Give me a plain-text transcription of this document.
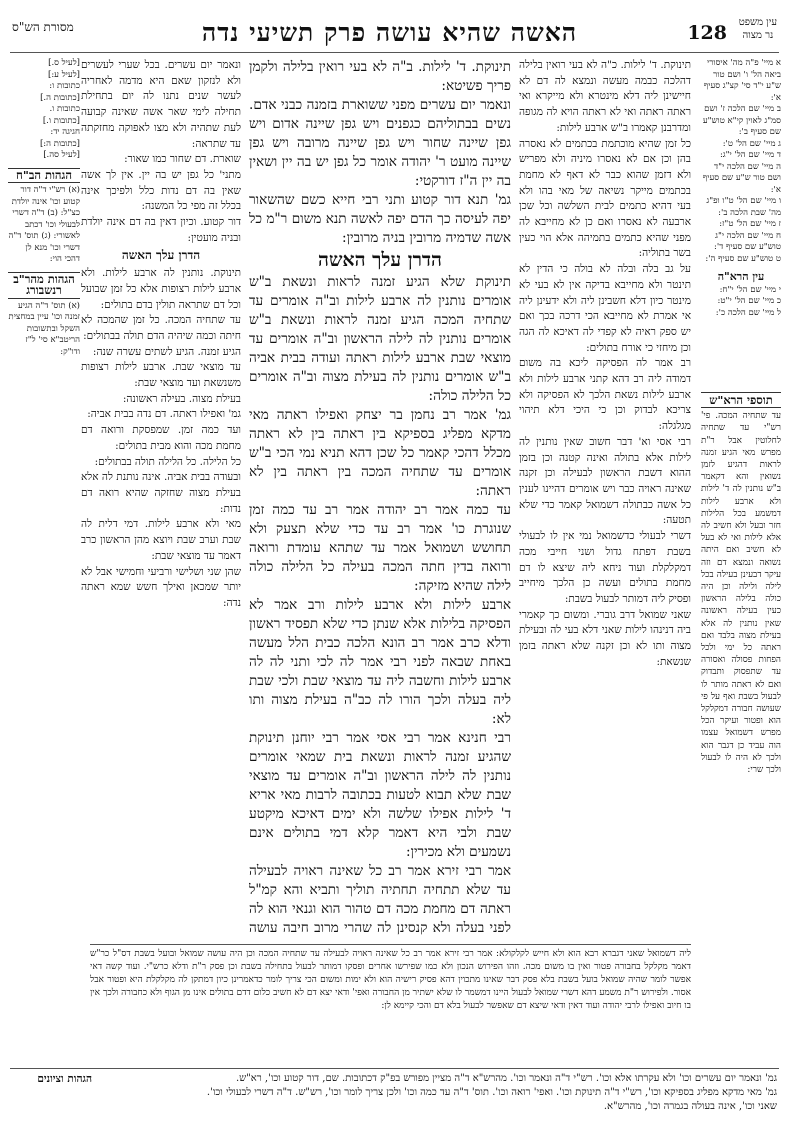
עין משפט
נר מצוה
128
האשה שהיא עושה פרק תשיעי נדה
מסורת הש"ס
א מיי' פ"ה מה' איסורי ביאה הל' ו' ושם טור ש"ע י"ד סי' קצ"ג סעיף א':
ב מיי' שם הלכה ז' ושם סמ"ג לאוין קי"א טוש"ע שם סעיף ב':
ג מיי' שם הל' ט':
ד מיי' שם הל' י"ג:
ה מיי' שם הלכה י"ד ושם טור ש"ע שם סעיף א':
ו מיי' שם הל' ט"ו ופ"ג מה' שבת הלכה ב':
ז מיי' שם הל' ט"ז:
ח מיי' שם הלכה י"ג טוש"ע שם סעיף ד':
ט טוש"ע שם סעיף ה':
עין הרא"ה
י מיי' שם הל' י"ח:
כ מיי' שם הל' י"ט:
ל מיי' שם הלכה כ':
תוספי הרא"ש

עד שתחיה המכה. פי' רש"י עד שתחיה לחלוטין אבל ר"ת מפרש מאי הגיע זמנה לראות דהגיע לזמן נשואין והא דקאמר ב"ש נותנין לה ד' לילות ולא ארבע לילות דמשמע בכל הלילות חזר ובעל ולא חשיב לה אלא לילות ואי לא בעל לא חשיב ואם היתה נשואה ונמצא דם וזה עיקר דבעינן בעילה בכל לילה ולילה וכן היה כולה בלילה הראשון כעין בעילה ראשונה שאין נותנין לה אלא בעילת מצוה בלבד ואם ראתה כל ימי ולכל הפחות פסולה ואסורה עד שתפסוק ותבדוק ואם לא ראתה מותר לו לבעול בשבת ואף על פי שעושה חבורה דמקלקל הוא ופטור ועיקר הכל מפרש דשמואל עצמו הוה עביד כן דגבר הוא ולכך לא היה לו לבעול ולכך שרי:

תינוקת. ד' לילות. כ"ה לא בעי רואין בלילה דהלכה כבמה מעשה ונמצא לה דם לא חיישינן ליה דלא מינטרא ולא מייקרא ואי ראתה ראתה ואי לא ראתה הויא לה מגופה ומדרבנן קאמרו ב"ש ארבע לילות:

כל זמן שהיא מוכתמת בכתמים לא נאסרה בהן וכן אם לא נאסרו מיניה ולא מפריש ולא דזמן שהוא כבר לא דאף לא מחמת בכתמים מייקר נשיאה של מאי בהו ולא בעי דהיא כתמים לבית השלשה וכל שכן ארבעה לא נאסרו ואם כן לא מחייבא לה מפני שהיא כתמים בתמיהה אלא הוי כעין בשר בתוליה:

על גב בלה ובלה לא בולה כי הדין לא תינטר ולא מחייבא בדיקה אין לא בעי לא מינטר כיון דלא חשבינן ליה ולא ידעינן ליה אי אמרת לא מחייבא הכי דרכה בכך ואם יש ספק ראיה לא קפדי לה דאיכא לה הגה וכן מיחזי כי אורח בתולים:

רב אמר לה הפסיקה ליכא בה משום דמודה ליה רב דהא קתני ארבע לילות ולא ארבע לילות נשאת הלכך לא הפסיקה ולא צריכא לבדוק וכן כי היכי דלא תיהוי מגלגלה:

רבי אסי וא' דבר חשוב שאין נותנין לה לילות אלא בתולה ואינה קטנה וכן בזמן ההוא דשבת הראשון לבעילה וכן זקנה שאינה ראויה כבר ויש אומרים דהיינו לענין כל אשה כבתולה דשמואל קאמר כדי שלא תטעה:

דשרי לבעולי כדשמואל נמי אין לו לבעולי בשבת דפתח גדול ושני חייבי מכה דמקלקלת ועוד ניחא ליה שיצא לו דם מחמת בתולים ועשה כן הלכך מיחייב ופסיק ליה דמותר לבעול בשבת:

שאני שמואל דרב גוברי. ומשום כך קאמרי ביה דנינהו לילות שאני דלא בעי לה ובעילת מצוה ותו לא וכן זקנה שלא ראתה בזמן שנשאת:

תינוקת. ד' לילות. ב"ה לא בעי רואין בלילה ולקמן פריך פשיטא:

ונאמר יום עשרים מפני ששוארת בזמנה כבני אדם. נשים בבתוליהם כגפנים ויש גפן שיינה אדום ויש גפן שיינה שחור ויש גפן שיינה מרובה ויש גפן שיינה מועט ר' יהודה אומר כל גפן יש בה יין ושאין בה יין ה"ז דורקטי:

גמ' תנא דור קטוע ותני רבי חייא כשם שהשאור יפה לעיסה כך הדם יפה לאשה תנא משום ר"מ כל אשה שדמיה מרובין בניה מרובין:

הדרן עלך האשה

תינוקת שלא הגיע זמנה לראות ונשאת ב"ש אומרים נותנין לה ארבע לילות וב"ה אומרים עד שתחיה המכה הגיע זמנה לראות ונשאת ב"ש אומרים נותנין לה לילה הראשון וב"ה אומרים עד מוצאי שבת ארבע לילות ראתה ועודה בבית אביה ב"ש אומרים נותנין לה בעילת מצוה וב"ה אומרים כל הלילה כולה:

גמ' אמר רב נחמן בר יצחק ואפילו ראתה מאי מדקא מפליג בספיקא בין ראתה בין לא ראתה מכלל דהכי קאמר כל שכן דהא תניא נמי הכי ב"ש אומרים עד שתחיה המכה בין ראתה בין לא ראתה:

עד כמה אמר רב יהודה אמר רב עד כמה זמן שנוגרת כו' אמר רב עד כדי שלא תצעק ולא תחושש ושמואל אמר עד שתהא עומדת ורואה ורואה בדין חתה המכה בעילה כל הלילה כולה לילה שהיא מזיקה:

ארבע לילות ולא ארבע לילות ורב אמר לא הפסיקה בלילות אלא שנתן כדי שלא תפסיד ראשון ודלא כרב אמר רב הונא הלכה כבית הלל מעשה באחת שבאה לפני רבי אמר לה לכי ותני לה לה ארבע לילות וחשבה ליה עד מוצאי שבת ולכי שבת ליה בעלה ולכך הורו לה כב"ה בעילת מצוה ותו לא:

רבי חנינא אמר רבי אסי אמר רבי יוחנן תינוקת שהגיע זמנה לראות ונשאת בית שמאי אומרים נותנין לה לילה הראשון וב"ה אומרים עד מוצאי שבת שלא תבוא לטעות בכתובה לרבות מאי אריא ד' לילות אפילו שלשה ולא ימים דאיכא מיקטע שבת ולבי היא דאמר קלא דמי בתולים אינם נשמעים ולא מכירין:

אמר רבי זירא אמר רב כל שאינה ראויה לבעילה עד שלא תתחיה תחתיה תוליך ותביא והא קמ"ל ראתה דם מחמת מכה דם טהור הוא וגנאי הוא לה לפני בעלה ולא קנסינן לה שהרי מרוב חיבה עושה

ונאמר יום עשרים. בכל שערי לעשרים ולא לנזקון שאם היא מדמה לאחריה לעשר שנים נתנו לה יום בתחילת תחילה לימי שאר אשה שאינה קבועה לעת שתהיה ולא מצו לאפוקה מחזקתה עד שתראה:

שוארת. דם שחור כמו שאור:

מתני' כל גפן יש בה יין. אין לך אשה שאין בה דם נדות כלל ולפיכך אינה בכלל זה מפי כל המשנה:

דור קטוע. וכיון דאין בה דם אינה יולדת ובניה מועטין:

הדרן עלך האשה

תינוקת. נותנין לה ארבע לילות. ולא ארבע לילות רצופות אלא כל זמן שבועל וכל דם שתראה תולין בדם בתולים:

עד שתחיה המכה. כל זמן שהמכה לא חיתה וכמה שיהיה הדם תולה בבתולים:

הגיע זמנה. הגיע לשתים עשרה שנה:

עד מוצאי שבת. ארבע לילות רצופות משנשאת ועד מוצאי שבת:

בעילת מצוה. בעילה ראשונה:

גמ' ואפילו ראתה. דם נדה בבית אביה:

ועד כמה זמן. שמפסקת ורואה דם מחמת מכה והוא מבית בתולים:

כל הלילה. כל הלילה תולה בבתולים:

ובעודה בבית אביה. אינה נותנת לה אלא בעילת מצוה שחזקה שהיא רואה דם נדות:

מאי ולא ארבע לילות. דמי דלית לה שבת וערב שבת ויוצא מהן הראשון כרב דאמר עד מוצאי שבת:

שהן שני ושלישי ורביעי וחמישי אבל לא יותר שמכאן ואילך חשש שמא ראתה נדה:

[לעיל ס.]
[לעיל ע:]
כתובות ו:
[כתובות ה.]
כתובות ו.
[כתובות ו.]
חגיגה יד:
[כתובות ה:]
[לעיל סה.]
הגהות הב"ח

(א) רש"י ד"ה דור קטוע וכו' אינה יולדת כצ"ל: (ב) ד"ה דשרי לבעולי וכו' דכתב לאשורי: (ג) תוס' ד"ה דשרי וכו' מנא לן דהכי הוי:

הגהות מהר"ב רנשבורג

(א) תוס' ד"ה הגיע זמנה וכו' עיין במחצית השקל ובתשובות הריטב"א סי' ל"ז ודו"ק:

ליה דשמואל שאני דגברא רבא הוא ולא חייש לקלקולא: אמר רבי זירא אמר רב כל שאינה ראויה לבעילה עד שתחיה המכה וכן היה עושה שמואל ובועל בשבת דס"ל כר"ש דאמר מקלקל בחבורה פטור ואין בו משום מכה. וזהו הפירוש הנכון ולא כמו שפירשו אחרים ופסקו דמותר לבעול בתחילה בשבת וכן פסק ר"ת ודלא כרש"י. ועוד קשה דאי אפשר לומר שהיה שמואל בועל בשבת בלא פסק דבר שאינו מתכוין דהא פסיק רישיה הוא ולא ימות ומשום הכי צריך לומר כדאמרינן כיון דמתקן לה מקלקלת היא ופטור אבל אסור. ולפירוש ר"ת משמע דהא דשרי שמואל לבעול היינו דמשמר לו שלא ישתיר מן החבורה ואפי' ודאי יצא דם לא חשיב כלום דדם בתולים אינו מן הגוף ולא כחבורה ולכך אין בו חיוב ואפילו לרבי יהודה ועוד דאין ודאי שיצא דם שאפשר לבעול בלא דם והכי קיימא לן:

הגהות וציונים	גמ' ונאמר יום עשרים וכו' ולא עקרתו אלא וכו'. רש"י ד"ה ונאמר וכו'. מהרש"א ד"ה מציין מפורש בפ"ק דכתובות. שם, דור קטוע וכו', רא"ש.
גמ' מאי מדקא מפליג בספיקא וכו', רש"י ד"ה תינוקת וכו'. ואפי' רואה וכו'. תוס' ד"ה עד כמה וכו' ולכן צריך לומר וכו', רש"ש. ד"ה דשרי לבעולי וכו'.
שאני וכו', אינה בעולה בגמרה וכו', מהרש"א.
